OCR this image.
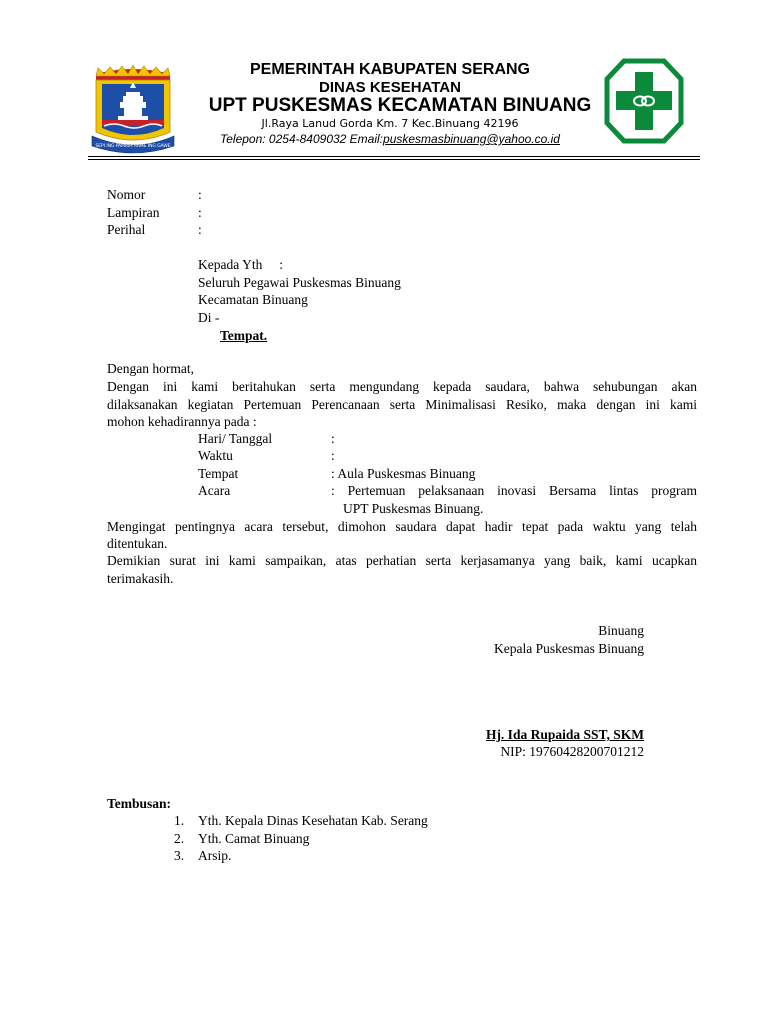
SEPI ING PAMRIH RAME ING GAWE
PEMERINTAH KABUPATEN SERANG
DINAS KESEHATAN
UPT PUSKESMAS KECAMATAN BINUANG
Jl.Raya Lanud Gorda Km. 7 Kec.Binuang 42196
Telepon: 0254-8409032 Email:puskesmasbinuang@yahoo.co.id
Nomor	:
Lampiran	:
Perihal	:
Kepada Yth     :
Seluruh Pegawai Puskesmas Binuang
Kecamatan Binuang
Di -
Tempat.
Dengan hormat,
Dengan ini kami beritahukan serta mengundang kepada saudara, bahwa sehubungan akan
dilaksanakan kegiatan Pertemuan Perencanaan serta Minimalisasi Resiko, maka dengan ini kami
mohon kehadirannya pada :
Hari/ Tanggal	:
Waktu	:
Tempat	: Aula Puskesmas Binuang
Acara	: Pertemuan pelaksanaan inovasi Bersama lintas program
UPT Puskesmas Binuang.
Mengingat pentingnya acara tersebut, dimohon saudara dapat hadir tepat pada waktu yang telah
ditentukan.
Demikian surat ini kami sampaikan, atas perhatian serta kerjasamanya yang baik, kami ucapkan
terimakasih.
Binuang
Kepala Puskesmas Binuang
Hj. Ida Rupaida SST, SKM
NIP: 19760428200701212
Tembusan:
1. Yth. Kepala Dinas Kesehatan Kab. Serang
2. Yth. Camat Binuang
3. Arsip.
